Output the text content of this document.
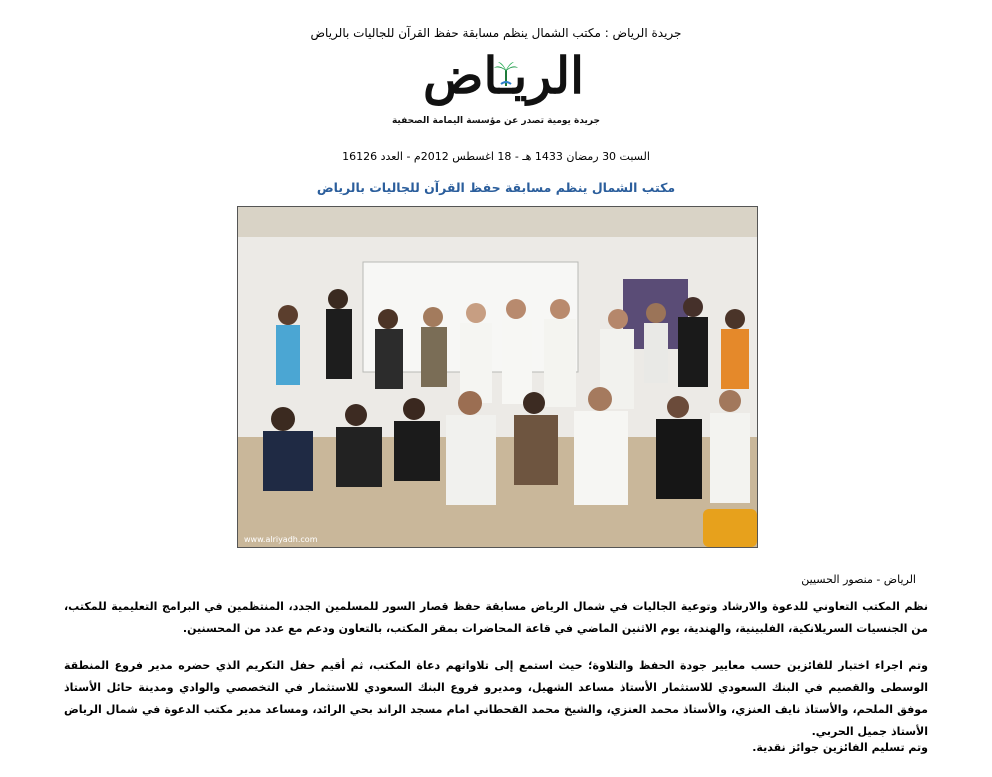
جريدة الرياض : مكتب الشمال ينظم مسابقة حفظ القرآن للجاليات بالرياض
الريـاض
جريدة يومية تصدر عن مؤسسة اليمامة الصحفية
السبت 30 رمضان 1433 هـ - 18 اغسطس 2012م - العدد 16126
مكتب الشمال ينظم مسابقة حفظ القرآن للجاليات بالرياض
www.alriyadh.com
الرياض - منصور الحسيين

نظم المكتب التعاوني للدعوة والارشاد وتوعية الجاليات في شمال الرياض مسابقة حفظ قصار السور للمسلمين الجدد، المنتظمين في البرامج التعليمية للمكتب، من الجنسيات السريلانكية، الفلبينية، والهندية، يوم الاثنين الماضي في قاعة المحاضرات بمقر المكتب، بالتعاون ودعم مع عدد من المحسنين.

وتم اجراء اختبار للفائزين حسب معايير جودة الحفظ والتلاوة؛ حيث استمع إلى تلاواتهم دعاة المكتب، ثم أقيم حفل التكريم الذي حضره مدير فروع المنطقة الوسطى والقصيم في البنك السعودي للاستثمار الأستاذ مساعد الشهيل، ومديرو فروع البنك السعودي للاستثمار في التخصصي والوادي ومدينة حائل الأستاذ موفق الملحم، والأستاذ نايف العنزي، والأستاذ محمد العنزي، والشيخ محمد القحطاني امام مسجد الراند بحي الرائد، ومساعد مدير مكتب الدعوة في شمال الرياض الأستاذ جميل الحربي.

وتم تسليم الفائزين جوائز نقدية.
